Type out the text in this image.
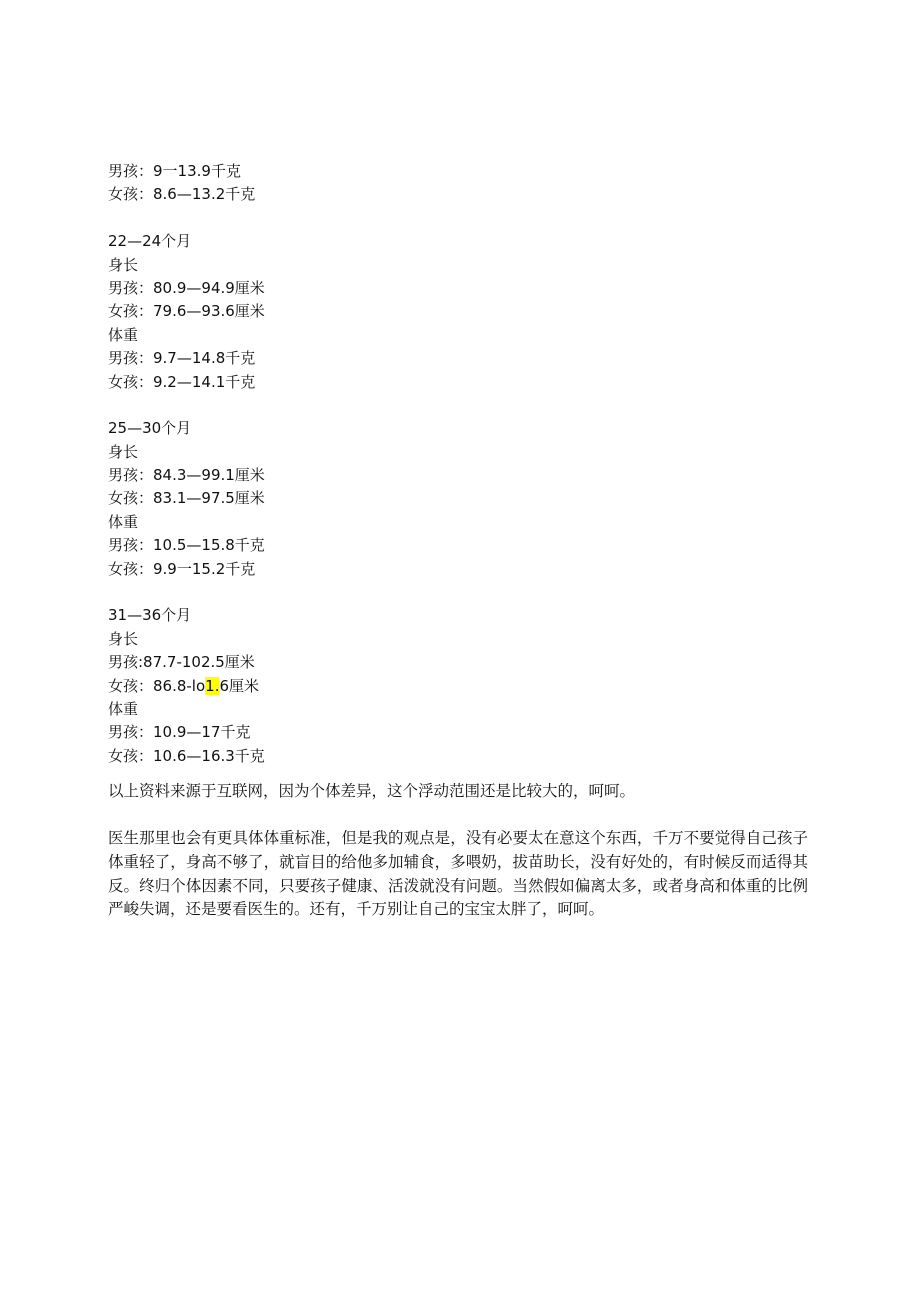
男孩：9一13.9千克
女孩：8.6—13.2千克
22—24个月
身长
男孩：80.9—94.9厘米
女孩：79.6—93.6厘米
体重
男孩：9.7—14.8千克
女孩：9.2—14.1千克
25—30个月
身长
男孩：84.3—99.1厘米
女孩：83.1—97.5厘米
体重
男孩：10.5—15.8千克
女孩：9.9一15.2千克
31—36个月
身长
男孩:87.7-102.5厘米
女孩：86.8-lo1.6厘米
体重
男孩：10.9—17千克
女孩：10.6—16.3千克

以上资料来源于互联网，因为个体差异，这个浮动范围还是比较大的，呵呵。

医生那里也会有更具体体重标准，但是我的观点是，没有必要太在意这个东西，千万不要觉得自己孩子体重轻了，身高不够了，就盲目的给他多加辅食，多喂奶，拔苗助长，没有好处的，有时候反而适得其反。终归个体因素不同，只要孩子健康、活泼就没有问题。当然假如偏离太多，或者身高和体重的比例严峻失调，还是要看医生的。还有，千万别让自己的宝宝太胖了，呵呵。
